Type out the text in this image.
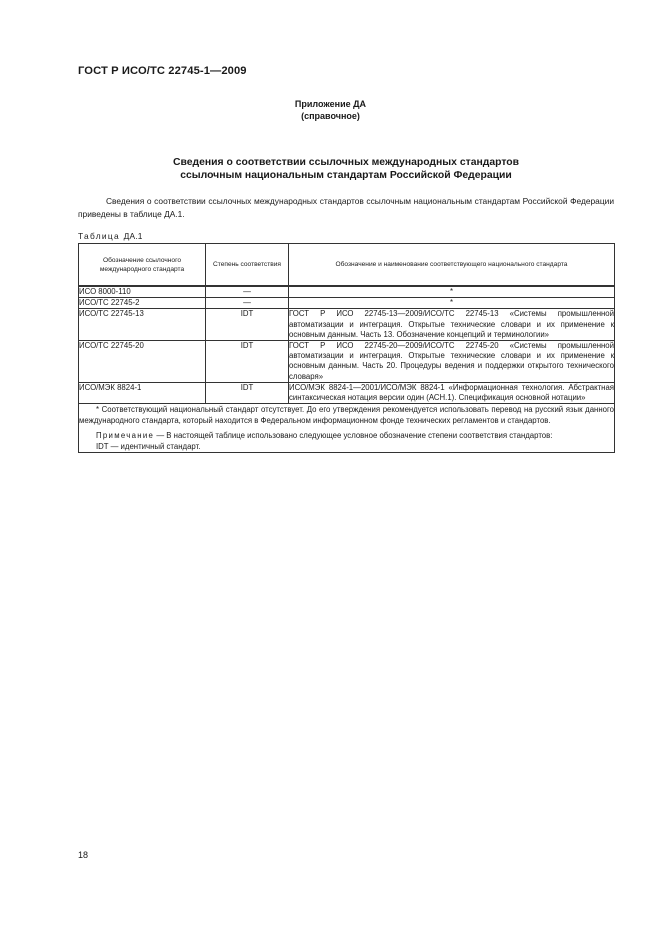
ГОСТ Р ИСО/ТС 22745-1—2009
Приложение ДА
(справочное)
Сведения о соответствии ссылочных международных стандартов
ссылочным национальным стандартам Российской Федерации
Сведения о соответствии ссылочных международных стандартов ссылочным национальным стандартам Российской Федерации приведены в таблице ДА.1.
Таблица ДА.1
Обозначение ссылочного международного стандарта	Степень соответствия	Обозначение и наименование соответствующего национального стандарта
ИСО 8000-110	—	*
ИСО/ТС 22745-2	—	*
ИСО/ТС 22745-13	IDT	ГОСТ Р ИСО 22745-13—2009/ИСО/ТС 22745-13 «Системы промышленной автоматизации и интеграция. Открытые технические словари и их применение к основным данным. Часть 13. Обозначение концепций и терминологии»
ИСО/ТС 22745-20	IDT	ГОСТ Р ИСО 22745-20—2009/ИСО/ТС 22745-20 «Системы промышленной автоматизации и интеграция. Открытые технические словари и их применение к основным данным. Часть 20. Процедуры ведения и поддержки открытого технического словаря»
ИСО/МЭК 8824-1	IDT	ИСО/МЭК 8824-1—2001/ИСО/МЭК 8824-1 «Информационная технология. Абстрактная синтаксическая нотация версии один (АСН.1). Спецификация основной нотации»

* Соответствующий национальный стандарт отсутствует. До его утверждения рекомендуется использовать перевод на русский язык данного международного стандарта, который находится в Федеральном информационном фонде технических регламентов и стандартов.
Примечание — В настоящей таблице использовано следующее условное обозначение степени соответствия стандартов:
IDT — идентичный стандарт.		
18
